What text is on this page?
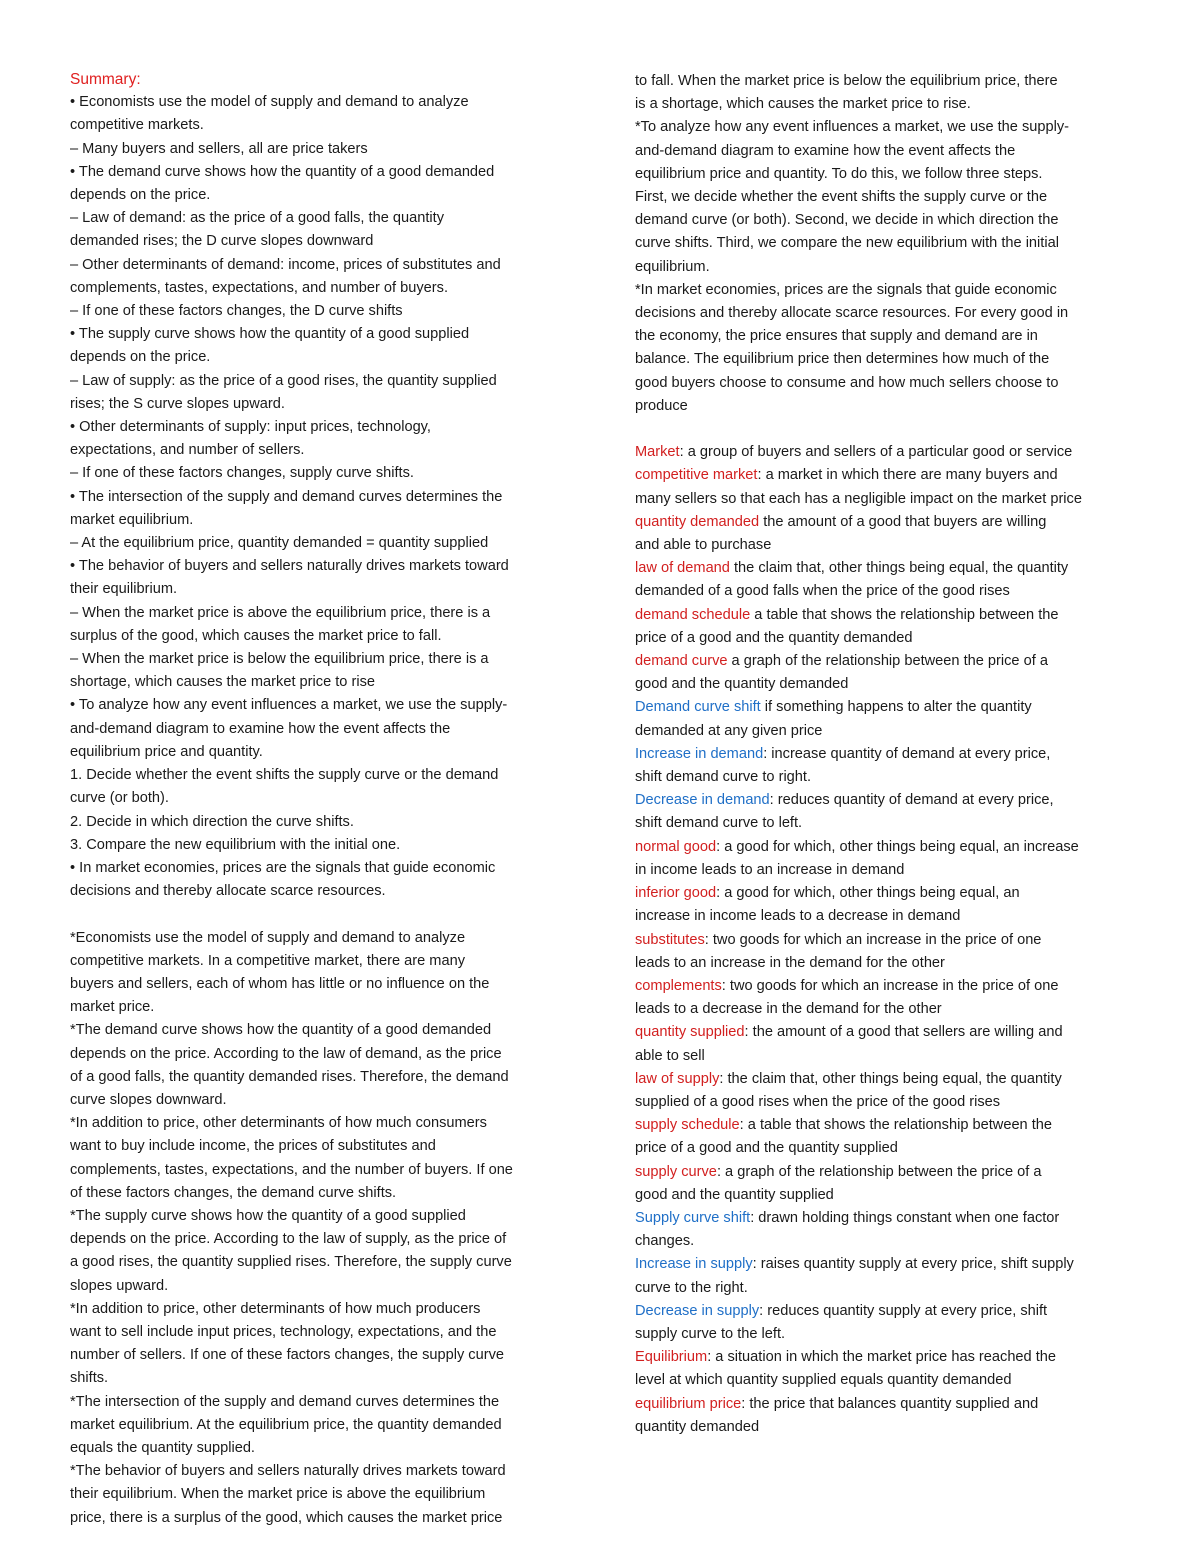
Summary:
• Economists use the model of supply and demand to analyze
competitive markets.
– Many buyers and sellers, all are price takers
• The demand curve shows how the quantity of a good demanded
depends on the price.
– Law of demand: as the price of a good falls, the quantity
demanded rises; the D curve slopes downward
– Other determinants of demand: income, prices of substitutes and
complements, tastes, expectations, and number of buyers.
– If one of these factors changes, the D curve shifts
• The supply curve shows how the quantity of a good supplied
depends on the price.
– Law of supply: as the price of a good rises, the quantity supplied
rises; the S curve slopes upward.
• Other determinants of supply: input prices, technology,
expectations, and number of sellers.
– If one of these factors changes, supply curve shifts.
• The intersection of the supply and demand curves determines the
market equilibrium.
– At the equilibrium price, quantity demanded = quantity supplied
• The behavior of buyers and sellers naturally drives markets toward
their equilibrium.
– When the market price is above the equilibrium price, there is a
surplus of the good, which causes the market price to fall.
– When the market price is below the equilibrium price, there is a
shortage, which causes the market price to rise
• To analyze how any event influences a market, we use the supply-
and-demand diagram to examine how the event affects the
equilibrium price and quantity.
1. Decide whether the event shifts the supply curve or the demand
curve (or both).
2. Decide in which direction the curve shifts.
3. Compare the new equilibrium with the initial one.
• In market economies, prices are the signals that guide economic
decisions and thereby allocate scarce resources.
*Economists use the model of supply and demand to analyze
competitive markets. In a competitive market, there are many
buyers and sellers, each of whom has little or no influence on the
market price.
*The demand curve shows how the quantity of a good demanded
depends on the price. According to the law of demand, as the price
of a good falls, the quantity demanded rises. Therefore, the demand
curve slopes downward.
*In addition to price, other determinants of how much consumers
want to buy include income, the prices of substitutes and
complements, tastes, expectations, and the number of buyers. If one
of these factors changes, the demand curve shifts.
*The supply curve shows how the quantity of a good supplied
depends on the price. According to the law of supply, as the price of
a good rises, the quantity supplied rises. Therefore, the supply curve
slopes upward.
*In addition to price, other determinants of how much producers
want to sell include input prices, technology, expectations, and the
number of sellers. If one of these factors changes, the supply curve
shifts.
*The intersection of the supply and demand curves determines the
market equilibrium. At the equilibrium price, the quantity demanded
equals the quantity supplied.
*The behavior of buyers and sellers naturally drives markets toward
their equilibrium. When the market price is above the equilibrium
price, there is a surplus of the good, which causes the market price
to fall. When the market price is below the equilibrium price, there
is a shortage, which causes the market price to rise.
*To analyze how any event influences a market, we use the supply-
and-demand diagram to examine how the event affects the
equilibrium price and quantity. To do this, we follow three steps.
First, we decide whether the event shifts the supply curve or the
demand curve (or both). Second, we decide in which direction the
curve shifts. Third, we compare the new equilibrium with the initial
equilibrium.
*In market economies, prices are the signals that guide economic
decisions and thereby allocate scarce resources. For every good in
the economy, the price ensures that supply and demand are in
balance. The equilibrium price then determines how much of the
good buyers choose to consume and how much sellers choose to
produce
Market: a group of buyers and sellers of a particular good or service
competitive market: a market in which there are many buyers and
many sellers so that each has a negligible impact on the market price
quantity demanded the amount of a good that buyers are willing
and able to purchase
law of demand the claim that, other things being equal, the quantity
demanded of a good falls when the price of the good rises
demand schedule a table that shows the relationship between the
price of a good and the quantity demanded
demand curve a graph of the relationship between the price of a
good and the quantity demanded
Demand curve shift if something happens to alter the quantity
demanded at any given price
Increase in demand: increase quantity of demand at every price,
shift demand curve to right.
Decrease in demand: reduces quantity of demand at every price,
shift demand curve to left.
normal good: a good for which, other things being equal, an increase
in income leads to an increase in demand
inferior good: a good for which, other things being equal, an
increase in income leads to a decrease in demand
substitutes: two goods for which an increase in the price of one
leads to an increase in the demand for the other
complements: two goods for which an increase in the price of one
leads to a decrease in the demand for the other
quantity supplied: the amount of a good that sellers are willing and
able to sell
law of supply: the claim that, other things being equal, the quantity
supplied of a good rises when the price of the good rises
supply schedule: a table that shows the relationship between the
price of a good and the quantity supplied
supply curve: a graph of the relationship between the price of a
good and the quantity supplied
Supply curve shift: drawn holding things constant when one factor
changes.
Increase in supply: raises quantity supply at every price, shift supply
curve to the right.
Decrease in supply: reduces quantity supply at every price, shift
supply curve to the left.
Equilibrium: a situation in which the market price has reached the
level at which quantity supplied equals quantity demanded
equilibrium price: the price that balances quantity supplied and
quantity demanded
